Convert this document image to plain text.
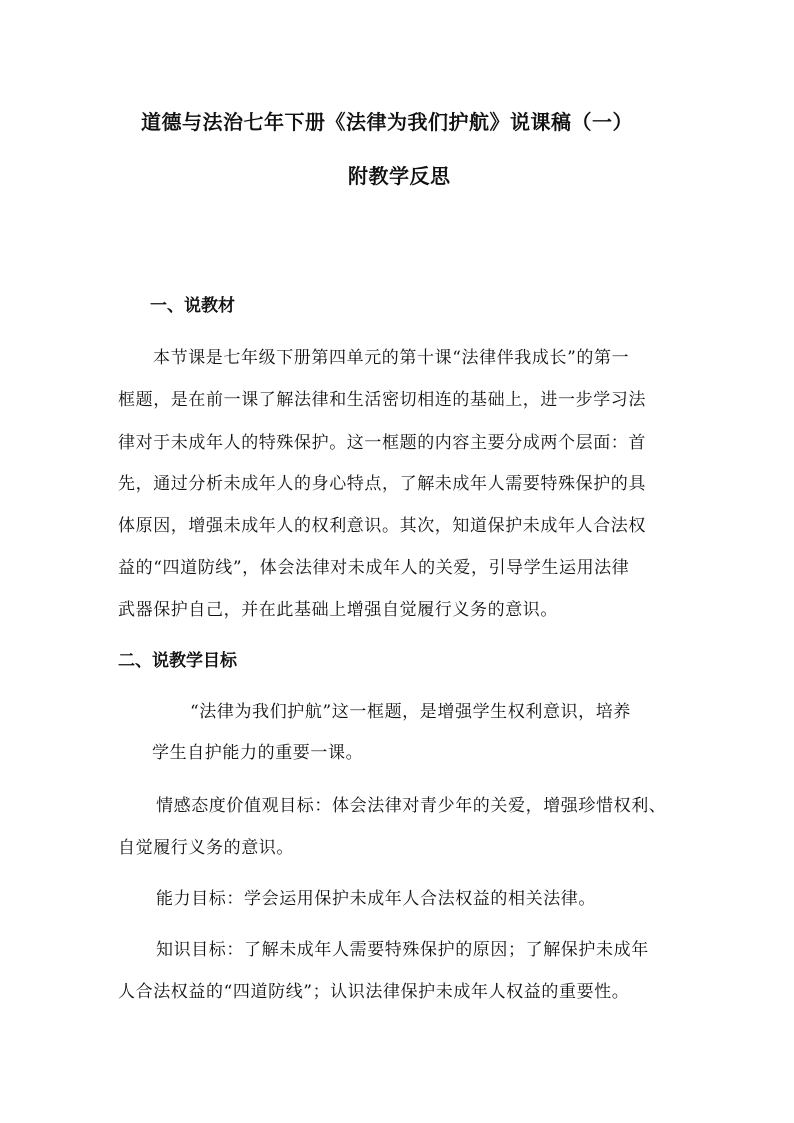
道德与法治七年下册《法律为我们护航》说课稿（一）

附教学反思

一、说教材

本节课是七年级下册第四单元的第十课“法律伴我成长”的第一

框题，是在前一课了解法律和生活密切相连的基础上，进一步学习法

律对于未成年人的特殊保护。这一框题的内容主要分成两个层面：首

先，通过分析未成年人的身心特点，了解未成年人需要特殊保护的具

体原因，增强未成年人的权利意识。其次，知道保护未成年人合法权

益的“四道防线”，体会法律对未成年人的关爱，引导学生运用法律

武器保护自己，并在此基础上增强自觉履行义务的意识。

二、说教学目标

“法律为我们护航”这一框题，是增强学生权利意识，培养

学生自护能力的重要一课。

情感态度价值观目标：体会法律对青少年的关爱，增强珍惜权利、

自觉履行义务的意识。

能力目标：学会运用保护未成年人合法权益的相关法律。

知识目标：了解未成年人需要特殊保护的原因；了解保护未成年

人合法权益的“四道防线”；认识法律保护未成年人权益的重要性。
